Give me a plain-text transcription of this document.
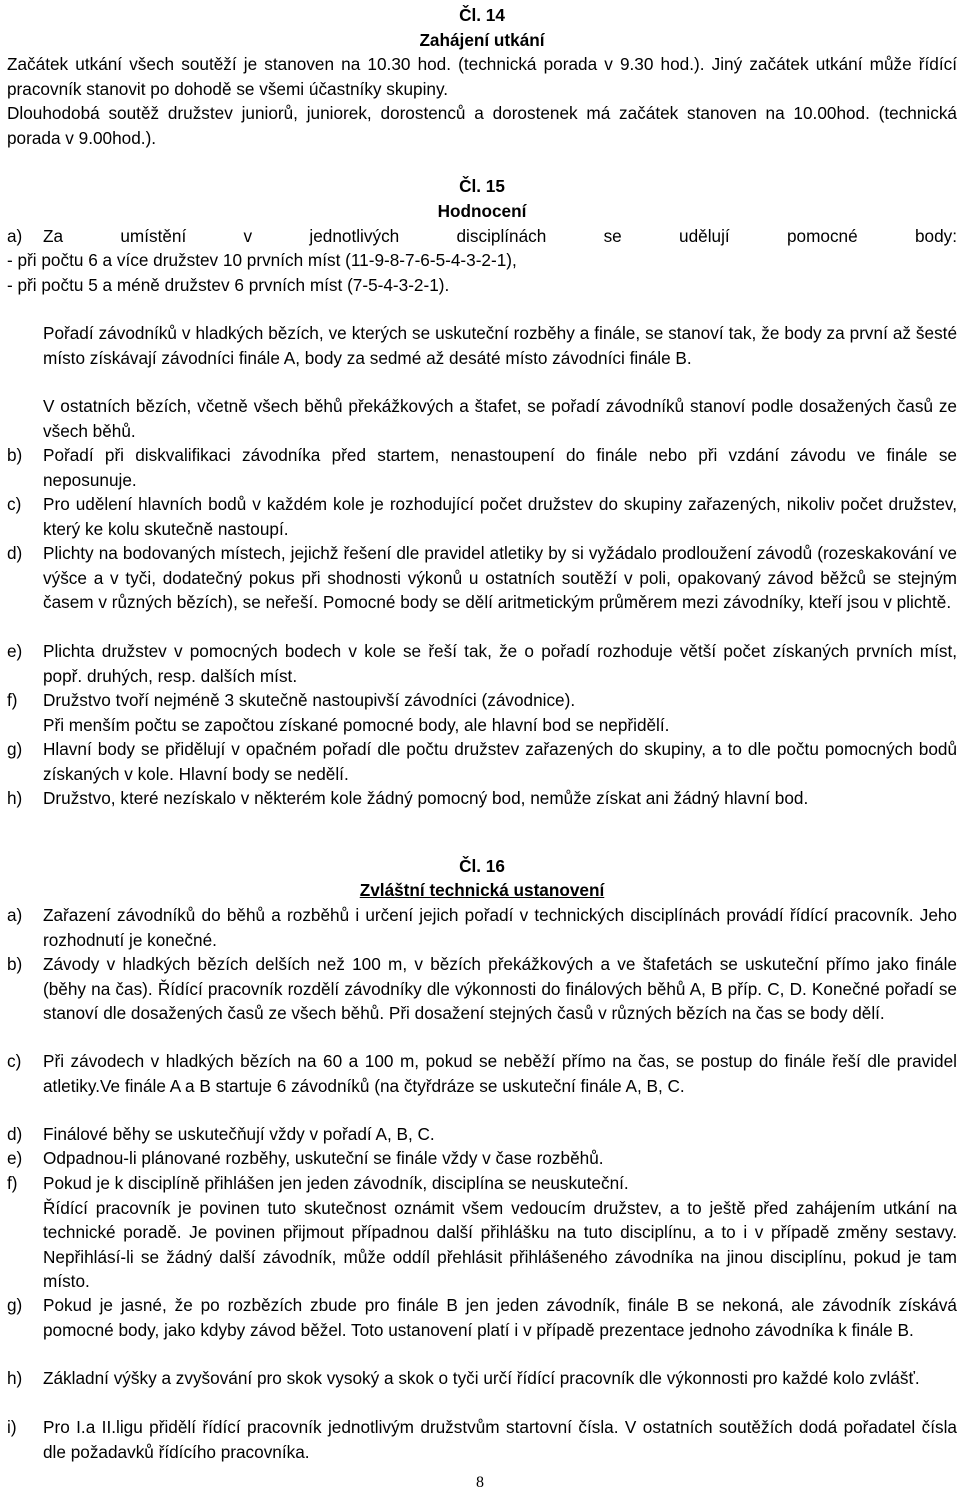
Čl. 14
Zahájení utkání
Začátek utkání všech soutěží je stanoven na 10.30 hod. (technická porada v 9.30 hod.). Jiný začátek utkání může řídící pracovník stanovit po dohodě se všemi účastníky skupiny.
Dlouhodobá soutěž družstev juniorů, juniorek, dorostenců a dorostenek má začátek stanoven na 10.00hod. (technická porada v 9.00hod.).
Čl. 15
Hodnocení
a)	Za umístění v jednotlivých disciplínách se udělují pomocné body:
- při počtu 6 a více družstev 10 prvních míst (11-9-8-7-6-5-4-3-2-1),
- při počtu 5 a méně družstev 6 prvních míst (7-5-4-3-2-1).
Pořadí závodníků v hladkých bězích, ve kterých se uskuteční rozběhy a finále, se stanoví tak, že body za první až šesté místo získávají závodníci finále A, body za sedmé až desáté místo závodníci finále B.
V ostatních bězích, včetně všech běhů překážkových a štafet, se pořadí závodníků stanoví podle dosažených časů ze všech běhů.
b)	Pořadí při diskvalifikaci závodníka před startem, nenastoupení do finále nebo při vzdání závodu ve finále se neposunuje.
c)	Pro udělení hlavních bodů v každém kole je rozhodující počet družstev do skupiny zařazených, nikoliv počet družstev, který ke kolu skutečně nastoupí.
d)	Plichty na bodovaných místech, jejichž řešení dle pravidel atletiky by si vyžádalo prodloužení závodů (rozeskakování ve výšce a v tyči, dodatečný pokus při shodnosti výkonů u ostatních soutěží v poli, opakovaný závod běžců se stejným časem v různých bězích), se neřeší. Pomocné body se dělí aritmetickým průměrem mezi závodníky, kteří jsou v plichtě.
e)	Plichta družstev v pomocných bodech v kole se řeší tak, že o pořadí rozhoduje větší počet získaných prvních míst, popř. druhých, resp. dalších míst.
f)	Družstvo tvoří nejméně 3 skutečně nastoupivší závodníci (závodnice).
Při menším počtu se započtou získané pomocné body, ale hlavní bod se nepřidělí.
g)	Hlavní body se přidělují v opačném pořadí dle počtu družstev zařazených do skupiny, a to dle počtu pomocných bodů získaných v kole. Hlavní body se nedělí.
h)	Družstvo, které nezískalo v některém kole žádný pomocný bod, nemůže získat ani žádný hlavní bod.
Čl. 16
Zvláštní technická ustanovení
a)	Zařazení závodníků do běhů a rozběhů i určení jejich pořadí v technických disciplínách provádí řídící pracovník. Jeho rozhodnutí je konečné.
b)	Závody v hladkých bězích delších než 100 m, v bězích překážkových a ve štafetách se uskuteční přímo jako finále (běhy na čas). Řídící pracovník rozdělí závodníky dle výkonnosti do finálových běhů A, B příp. C, D. Konečné pořadí se stanoví dle dosažených časů ze všech běhů. Při dosažení stejných časů v různých bězích na čas se body dělí.
c)	Při závodech v hladkých bězích na 60 a 100 m, pokud se neběží přímo na čas, se postup do finále řeší dle pravidel atletiky.Ve finále A a B startuje 6 závodníků (na čtyřdráze se uskuteční finále A, B, C.
d)	Finálové běhy se uskutečňují vždy v pořadí A, B, C.
e)	Odpadnou-li plánované rozběhy, uskuteční se finále vždy v čase rozběhů.
f)	Pokud je k disciplíně přihlášen jen jeden závodník, disciplína se neuskuteční.
Řídící pracovník je povinen tuto skutečnost oznámit všem vedoucím družstev, a to ještě před zahájením utkání na technické poradě. Je povinen přijmout případnou další přihlášku na tuto disciplínu, a to i v případě změny sestavy. Nepřihlásí-li se žádný další závodník, může oddíl přehlásit přihlášeného závodníka na jinou disciplínu, pokud je tam místo.
g)	Pokud je jasné, že po rozbězích zbude pro finále B jen jeden závodník, finále B se nekoná, ale závodník získává pomocné body, jako kdyby závod běžel. Toto ustanovení platí i v případě prezentace jednoho závodníka k finále B.
h)	Základní výšky a zvyšování pro skok vysoký a skok o tyči určí řídící pracovník dle výkonnosti pro každé kolo zvlášť.
i)	Pro I.a II.ligu přidělí řídící pracovník jednotlivým družstvům startovní čísla. V ostatních soutěžích dodá pořadatel čísla dle požadavků řídícího pracovníka.
8
